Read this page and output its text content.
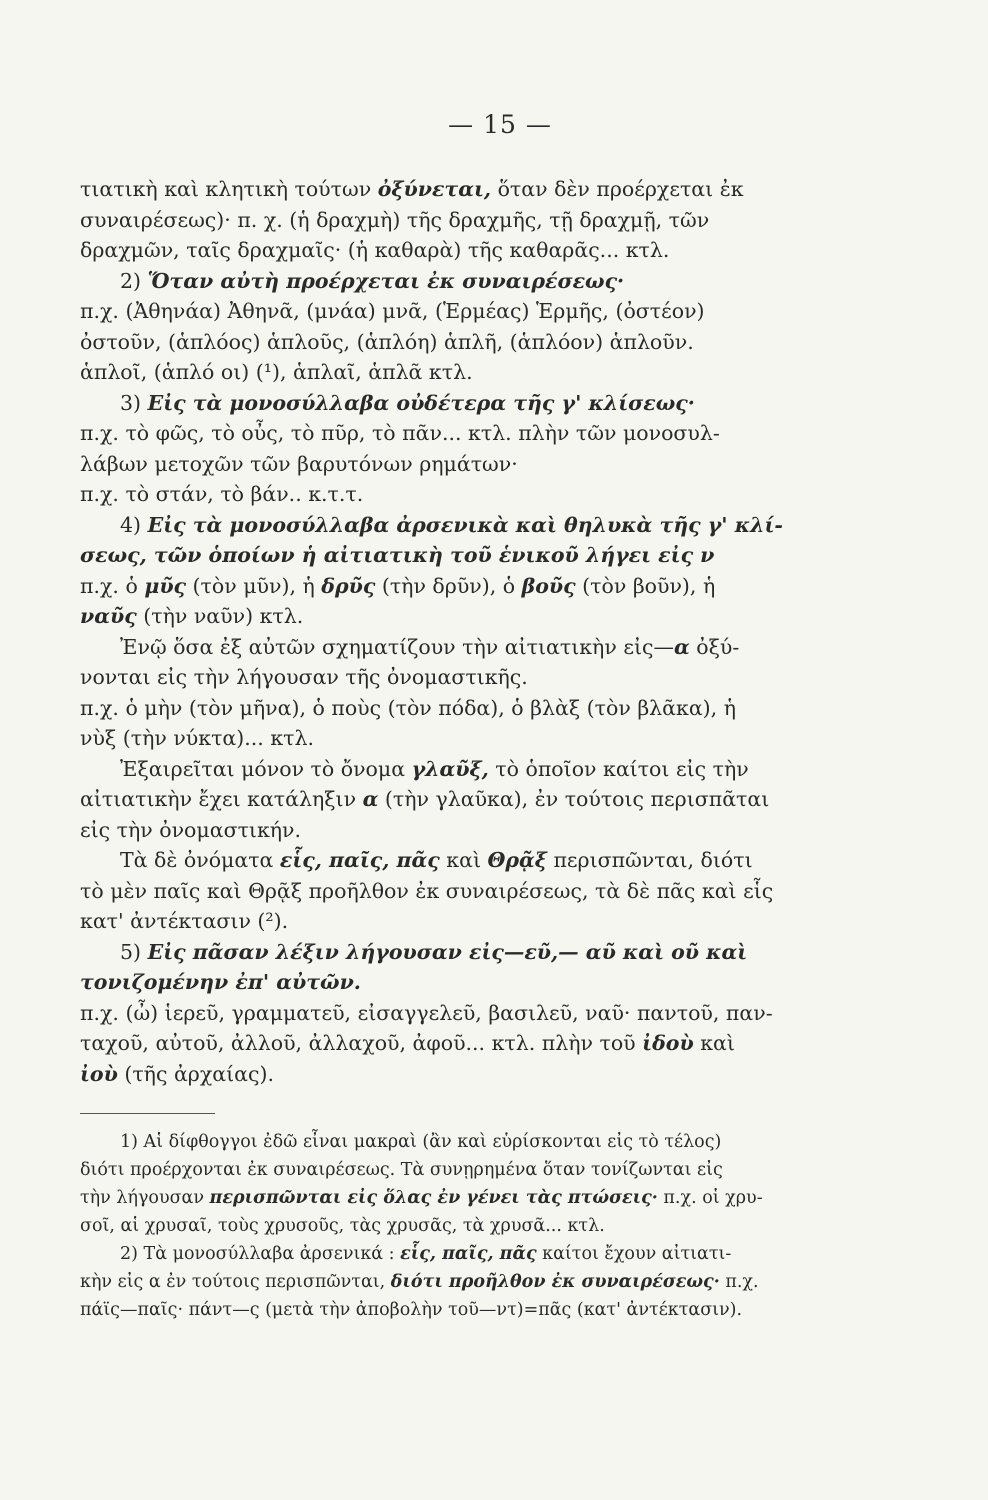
— 15 —
τιατικὴ καὶ κλητικὴ τούτων ὀξύνεται, ὅταν δὲν προέρχεται ἐκ
συναιρέσεως)· π. χ. (ἡ δραχμὴ) τῆς δραχμῆς, τῇ δραχμῇ, τῶν
δραχμῶν, ταῖς δραχμαῖς· (ἡ καθαρὰ) τῆς καθαρᾶς... κτλ.
2) Ὅταν αὐτὴ προέρχεται ἐκ συναιρέσεως·
π.χ. (Ἀθηνάα) Ἀθηνᾶ, (μνάα) μνᾶ, (Ἑρμέας) Ἑρμῆς, (ὀστέον)
ὀστοῦν, (ἁπλόος) ἁπλοῦς, (ἁπλόη) ἁπλῆ, (ἁπλόον) ἁπλοῦν.
ἁπλοῖ, (ἁπλό οι) (¹), ἁπλαῖ, ἁπλᾶ κτλ.
3) Εἰς τὰ μονοσύλλαβα οὐδέτερα τῆς γ' κλίσεως·
π.χ. τὸ φῶς, τὸ οὖς, τὸ πῦρ, τὸ πᾶν... κτλ. πλὴν τῶν μονοσυλ-
λάβων μετοχῶν τῶν βαρυτόνων ρημάτων·
π.χ. τὸ στάν, τὸ βάν.. κ.τ.τ.
4) Εἰς τὰ μονοσύλλαβα ἀρσενικὰ καὶ θηλυκὰ τῆς γ' κλί-
σεως, τῶν ὁποίων ἡ αἰτιατικὴ τοῦ ἑνικοῦ λήγει εἰς ν
π.χ. ὁ μῦς (τὸν μῦν), ἡ δρῦς (τὴν δρῦν), ὁ βοῦς (τὸν βοῦν), ἡ
ναῦς (τὴν ναῦν) κτλ.
Ἐνῷ ὅσα ἐξ αὐτῶν σχηματίζουν τὴν αἰτιατικὴν εἰς—α ὀξύ-
νονται εἰς τὴν λήγουσαν τῆς ὀνομαστικῆς.
π.χ. ὁ μὴν (τὸν μῆνα), ὁ ποὺς (τὸν πόδα), ὁ βλὰξ (τὸν βλᾶκα), ἡ
νὺξ (τὴν νύκτα)... κτλ.
Ἐξαιρεῖται μόνον τὸ ὄνομα γλαῦξ, τὸ ὁποῖον καίτοι εἰς τὴν
αἰτιατικὴν ἔχει κατάληξιν α (τὴν γλαῦκα), ἐν τούτοις περισπᾶται
εἰς τὴν ὀνομαστικήν.
Τὰ δὲ ὀνόματα εἷς, παῖς, πᾶς καὶ Θρᾷξ περισπῶνται, διότι
τὸ μὲν παῖς καὶ Θρᾷξ προῆλθον ἐκ συναιρέσεως, τὰ δὲ πᾶς καὶ εἷς
κατ' ἀντέκτασιν (²).
5) Εἰς πᾶσαν λέξιν λήγουσαν εἰς—εῦ,— αῦ καὶ οῦ καὶ
τονιζομένην ἐπ' αὐτῶν.
π.χ. (ὦ) ἱερεῦ, γραμματεῦ, εἰσαγγελεῦ, βασιλεῦ, ναῦ· παντοῦ, παν-
ταχοῦ, αὐτοῦ, ἀλλοῦ, ἀλλαχοῦ, ἀφοῦ... κτλ. πλὴν τοῦ ἰδοὺ καὶ
ἰοὺ (τῆς ἀρχαίας).
1) Αἱ δίφθογγοι ἐδῶ εἶναι μακραὶ (ἂν καὶ εὑρίσκονται εἰς τὸ τέλος)
διότι προέρχονται ἐκ συναιρέσεως. Τὰ συνῃρημένα ὅταν τονίζωνται εἰς
τὴν λήγουσαν περισπῶνται εἰς ὅλας ἐν γένει τὰς πτώσεις· π.χ. οἱ χρυ-
σοῖ, αἱ χρυσαῖ, τοὺς χρυσοῦς, τὰς χρυσᾶς, τὰ χρυσᾶ... κτλ.
2) Τὰ μονοσύλλαβα ἀρσενικά : εἷς, παῖς, πᾶς καίτοι ἔχουν αἰτιατι-
κὴν εἰς α ἐν τούτοις περισπῶνται, διότι προῆλθον ἐκ συναιρέσεως· π.χ.
πάϊς—παῖς· πάντ—ς (μετὰ τὴν ἀποβολὴν τοῦ—ντ)=πᾶς (κατ' ἀντέκτασιν).
